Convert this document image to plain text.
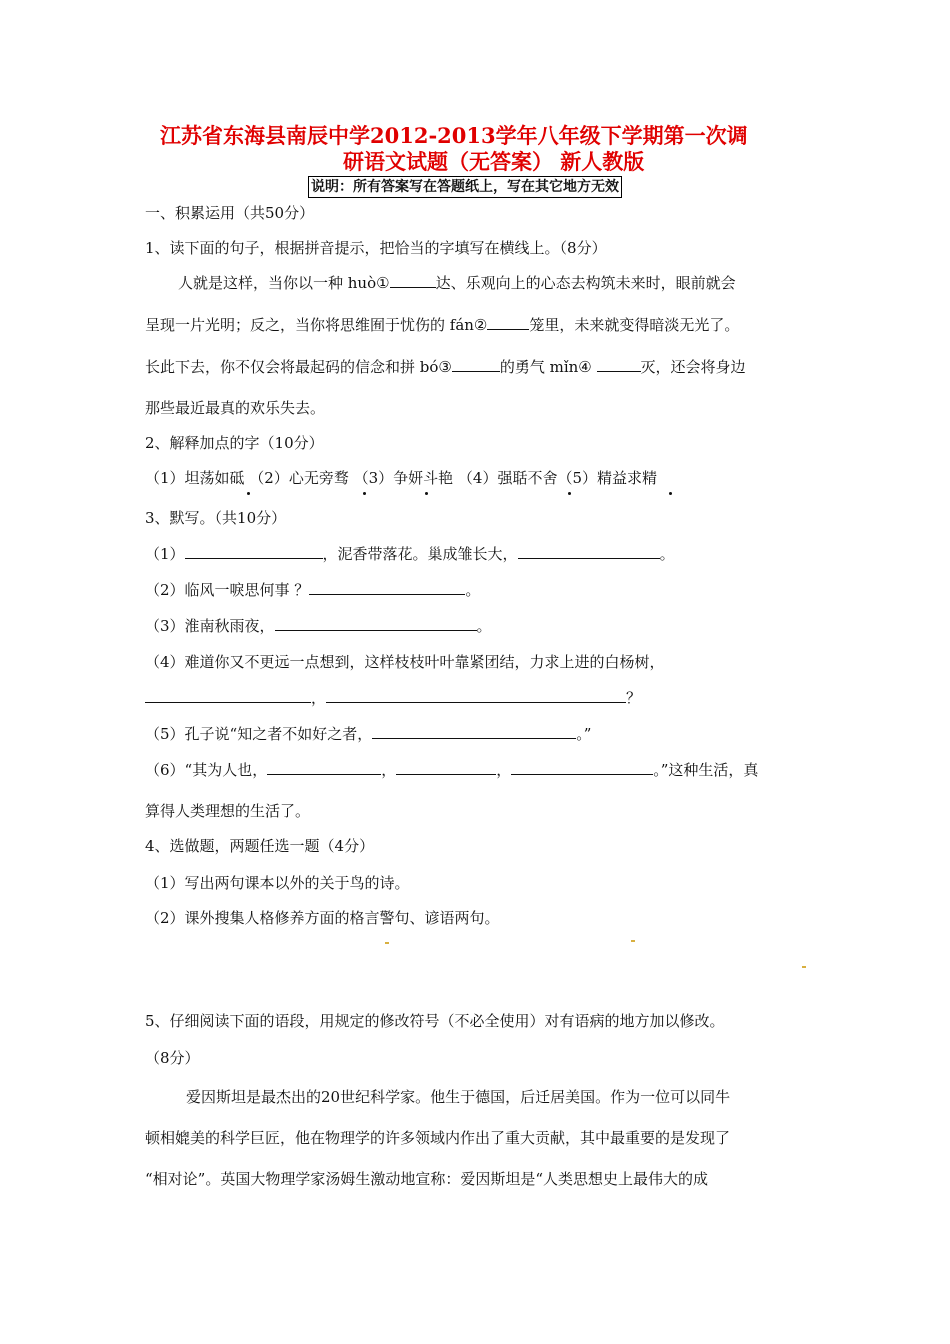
江苏省东海县南辰中学2012-2013学年八年级下学期第一次调
研语文试题（无答案） 新人教版
说明：所有答案写在答题纸上，写在其它地方无效
一、积累运用（共50分）
1、读下面的句子，根据拼音提示，把恰当的字填写在横线上。（8分）
人就是这样，当你以一种 huò①	达、乐观向上的心态去构筑未来时，眼前就会
呈现一片光明；反之，当你将思维囿于忧伤的 fán②	笼里，未来就变得暗淡无光了。
长此下去，你不仅会将最起码的信念和拼 bó③	的勇气 mǐn④	灭，还会将身边
那些最近最真的欢乐失去。
2、解释加点的字（10分）
（1）坦荡如砥 （2）心无旁骛 （3）争妍斗艳 （4）强聒不舍（5）精益求精
3、默写。（共10分）
（1）	，泥香带落花。巢成雏长大，	。
（2）临风一唳思何事 ？	。
（3）淮南秋雨夜，	。
（4）难道你又不更远一点想到，这样枝枝叶叶靠紧团结，力求上进的白杨树，
，	？
（5）孔子说“知之者不如好之者，	。”
（6）“其为人也，	，	，	。”这种生活，真
算得人类理想的生活了。
4、选做题，两题任选一题（4分）
（1）写出两句课本以外的关于鸟的诗。
（2）课外搜集人格修养方面的格言警句、谚语两句。
5、仔细阅读下面的语段，用规定的修改符号（不必全使用）对有语病的地方加以修改。
（8分）
爱因斯坦是最杰出的20世纪科学家。他生于德国，后迁居美国。作为一位可以同牛
顿相媲美的科学巨匠，他在物理学的许多领域内作出了重大贡献，其中最重要的是发现了
“相对论”。英国大物理学家汤姆生激动地宣称：爱因斯坦是“人类思想史上最伟大的成
